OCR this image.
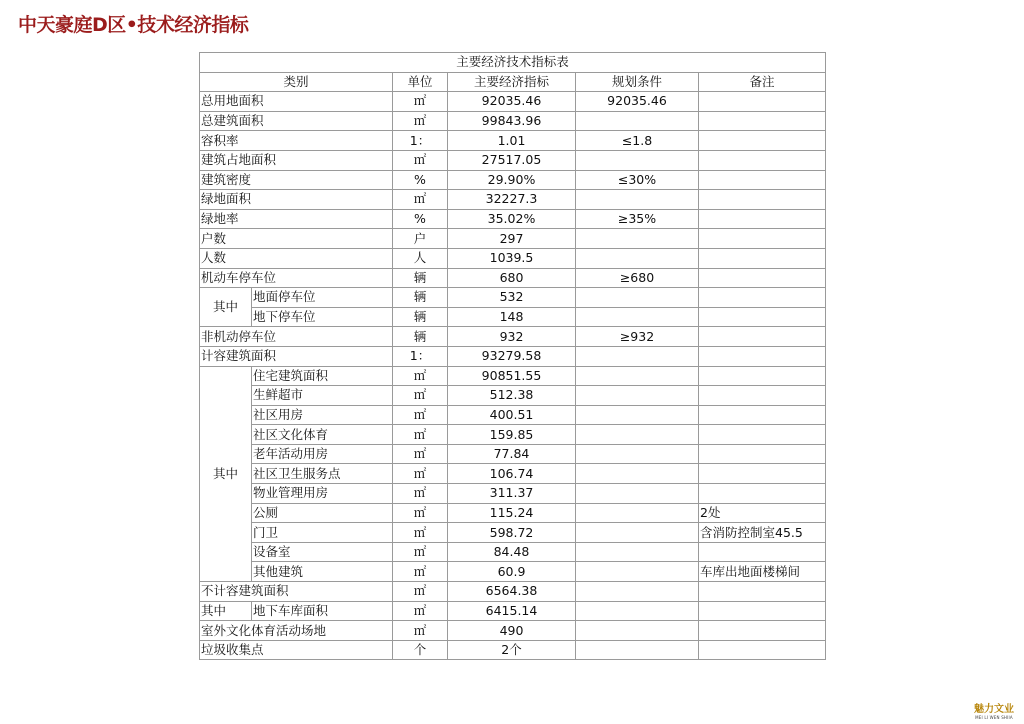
中天豪庭D区•技术经济指标
主要经济技术指标表					
类别		单位	主要经济指标	规划条件	备注
总用地面积		㎡	92035.46	92035.46	
总建筑面积		㎡	99843.96		
容积率		1：	1.01	≤1.8	
建筑占地面积		㎡	27517.05		
建筑密度		%	29.90%	≤30%	
绿地面积		㎡	32227.3		
绿地率		%	35.02%	≥35%	
户数		户	297		
人数		人	1039.5		
机动车停车位		辆	680	≥680	
其中	地面停车位	辆	532		
	地下停车位	辆	148		
非机动停车位		辆	932	≥932	
计容建筑面积		1：	93279.58		
其中	住宅建筑面积	㎡	90851.55		
	生鲜超市	㎡	512.38		
	社区用房	㎡	400.51		
	社区文化体育	㎡	159.85		
	老年活动用房	㎡	77.84		
	社区卫生服务点	㎡	106.74		
	物业管理用房	㎡	311.37		
	公厕	㎡	115.24		2处
	门卫	㎡	598.72		含消防控制室45.5
	设备室	㎡	84.48		
	其他建筑	㎡	60.9		车库出地面楼梯间
不计容建筑面积		㎡	6564.38		
其中	地下车库面积	㎡	6415.14		
室外文化体育活动场地		㎡	490		
垃圾收集点		个	2个		
魅力文业
MEI LI WEN SHIIA
